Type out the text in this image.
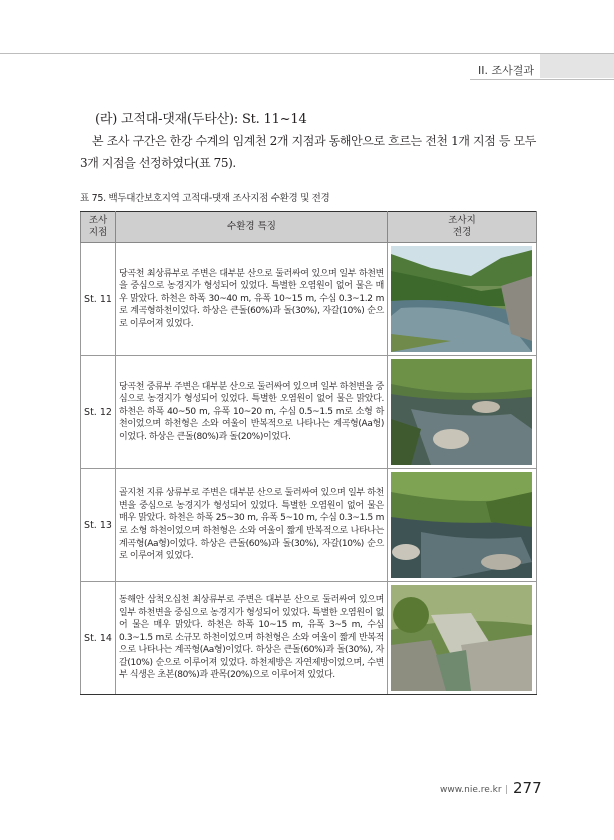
II. 조사결과
(라) 고적대-댓재(두타산): St. 11~14
본 조사 구간은 한강 수계의 임계천 2개 지점과 동해안으로 흐르는 전천 1개 지점 등 모두 3개 지점을 선정하였다(표 75).
표 75. 백두대간보호지역 고적대-댓재 조사지점 수환경 및 전경
조사
지점	수환경 특징	조사지
전경
St. 11	당곡천 최상류부로 주변은 대부분 산으로 둘러싸여 있으며 일부 하천변을 중심으로 농경지가 형성되어 있었다. 특별한 오염원이 없어 물은 매우 맑았다. 하천은 하폭 30~40 m, 유폭 10~15 m, 수심 0.3~1.2 m로 계곡형하천이었다. 하상은 큰돌(60%)과 돌(30%), 자갈(10%) 순으로 이루어져 있었다.	

St. 12	당곡천 중류부 주변은 대부분 산으로 둘러싸여 있으며 일부 하천변을 중심으로 농경지가 형성되어 있었다. 특별한 오염원이 없어 물은 맑았다. 하천은 하폭 40~50 m, 유폭 10~20 m, 수심 0.5~1.5 m로 소형 하천이었으며 하천형은 소와 여울이 반복적으로 나타나는 계곡형(Aa형)이었다. 하상은 큰돌(80%)과 돌(20%)이었다.	

St. 13	골지천 지류 상류부로 주변은 대부분 산으로 둘러싸여 있으며 일부 하천변을 중심으로 농경지가 형성되어 있었다. 특별한 오염원이 없어 물은 매우 맑았다. 하천은 하폭 25~30 m, 유폭 5~10 m, 수심 0.3~1.5 m로 소형 하천이었으며 하천형은 소와 여울이 짧게 반복적으로 나타나는 계곡형(Aa형)이었다. 하상은 큰돌(60%)과 돌(30%), 자갈(10%) 순으로 이루어져 있었다.	

St. 14	동해안 삼척오십천 최상류부로 주변은 대부분 산으로 둘러싸여 있으며 일부 하천변을 중심으로 농경지가 형성되어 있었다. 특별한 오염원이 없어 물은 매우 맑았다. 하천은 하폭 10~15 m, 유폭 3~5 m, 수심 0.3~1.5 m로 소규모 하천이었으며 하천형은 소와 여울이 짧게 반복적으로 나타나는 계곡형(Aa형)이었다. 하상은 큰돌(60%)과 돌(30%), 자갈(10%) 순으로 이루어져 있었다. 하천제방은 자연제방이었으며, 수변부 식생은 초본(80%)과 관목(20%)으로 이루어져 있었다.	
www.nie.re.kr | 277
